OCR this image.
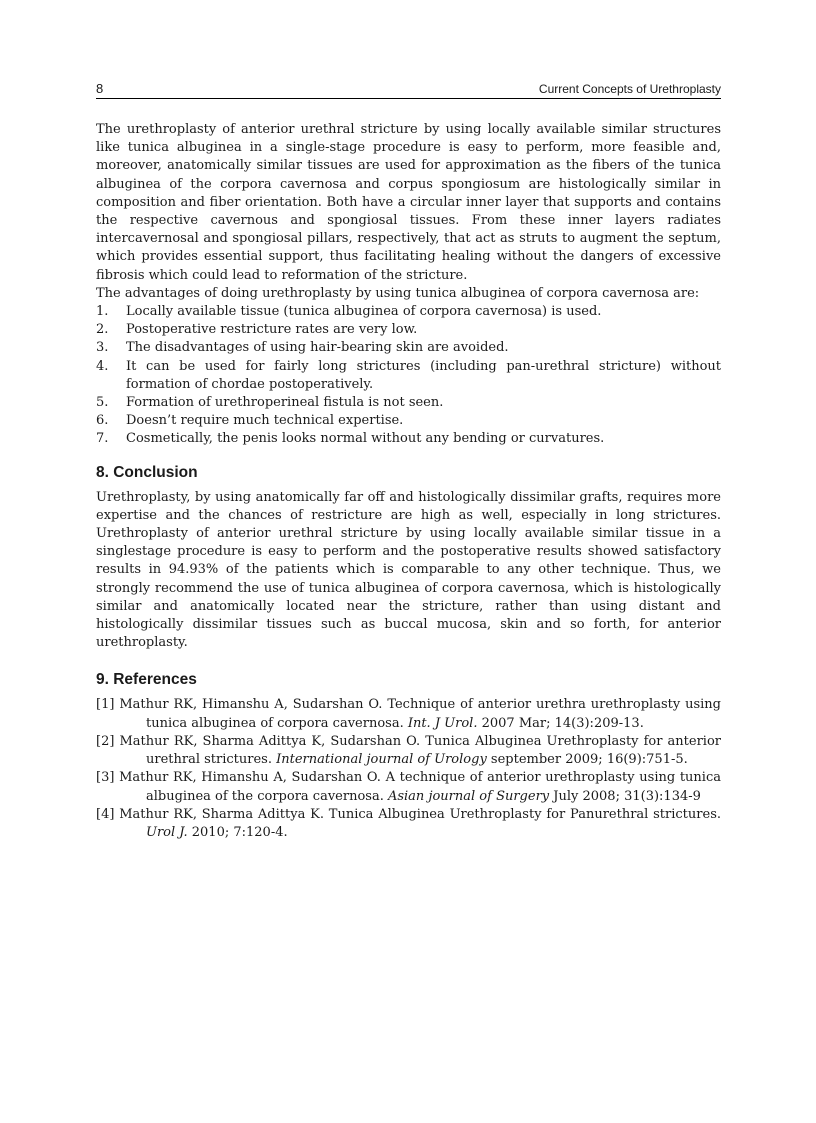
8	Current Concepts of Urethroplasty

The urethroplasty of anterior urethral stricture by using locally available similar structures like tunica albuginea in a single-stage procedure is easy to perform, more feasible and, moreover, anatomically similar tissues are used for approximation as the fibers of the tunica albuginea of the corpora cavernosa and corpus spongiosum are histologically similar in composition and fiber orientation. Both have a circular inner layer that supports and contains the respective cavernous and spongiosal tissues. From these inner layers radiates intercavernosal and spongiosal pillars, respectively, that act as struts to augment the septum, which provides essential support, thus facilitating healing without the dangers of excessive fibrosis which could lead to reformation of the stricture.

The advantages of doing urethroplasty by using tunica albuginea of corpora cavernosa are:

1.	Locally available tissue (tunica albuginea of corpora cavernosa) is used.
2.	Postoperative restricture rates are very low.
3.	The disadvantages of using hair-bearing skin are avoided.
4.	It can be used for fairly long strictures (including pan-urethral stricture) without formation of chordae postoperatively.
5.	Formation of urethroperineal fistula is not seen.
6.	Doesn’t require much technical expertise.
7.	Cosmetically, the penis looks normal without any bending or curvatures.
8. Conclusion

Urethroplasty, by using anatomically far off and histologically dissimilar grafts, requires more expertise and the chances of restricture are high as well, especially in long strictures. Urethroplasty of anterior urethral stricture by using locally available similar tissue in a singlestage procedure is easy to perform and the postoperative results showed satisfactory results in 94.93% of the patients which is comparable to any other technique. Thus, we strongly recommend the use of tunica albuginea of corpora cavernosa, which is histologically similar and anatomically located near the stricture, rather than using distant and histologically dissimilar tissues such as buccal mucosa, skin and so forth, for anterior urethroplasty.

9. References
[1] Mathur RK, Himanshu A, Sudarshan O. Technique of anterior urethra urethroplasty using tunica albuginea of corpora cavernosa. Int. J Urol. 2007 Mar; 14(3):209-13.
[2] Mathur RK, Sharma Adittya K, Sudarshan O. Tunica Albuginea Urethroplasty for anterior urethral strictures. International journal of Urology september 2009; 16(9):751-5.
[3] Mathur RK, Himanshu A, Sudarshan O. A technique of anterior urethroplasty using tunica albuginea of the corpora cavernosa. Asian journal of Surgery July 2008; 31(3):134-9
[4] Mathur RK, Sharma Adittya K. Tunica Albuginea Urethroplasty for Panurethral strictures. Urol J. 2010; 7:120-4.
